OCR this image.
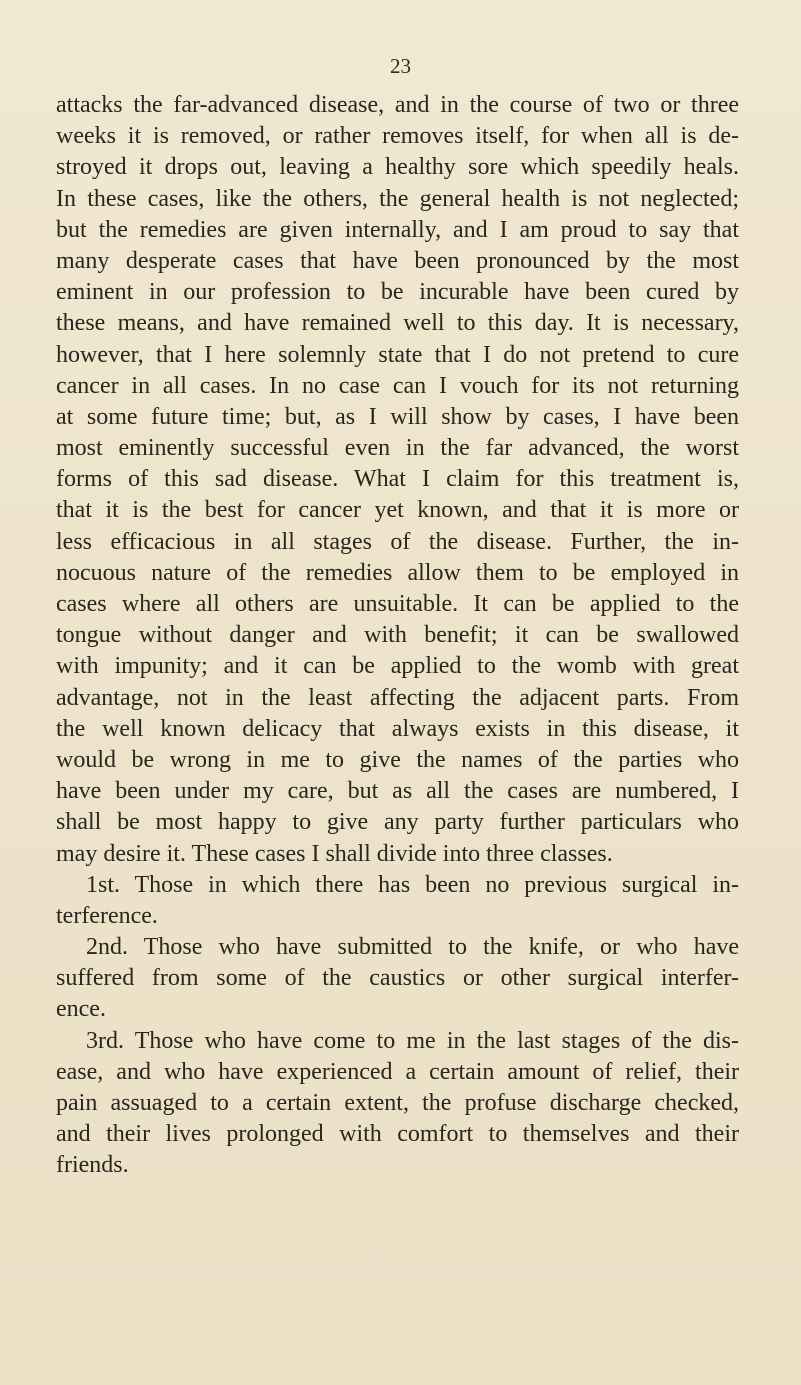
23
attacks the far-advanced disease, and in the course of two or three
weeks it is removed, or rather removes itself, for when all is de-
stroyed it drops out, leaving a healthy sore which speedily heals.
In these cases, like the others, the general health is not neglected;
but the remedies are given internally, and I am proud to say that
many desperate cases that have been pronounced by the most
eminent in our profession to be incurable have been cured by
these means, and have remained well to this day. It is necessary,
however, that I here solemnly state that I do not pretend to cure
cancer in all cases. In no case can I vouch for its not returning
at some future time; but, as I will show by cases, I have been
most eminently successful even in the far advanced, the worst
forms of this sad disease. What I claim for this treatment is,
that it is the best for cancer yet known, and that it is more or
less efficacious in all stages of the disease. Further, the in-
nocuous nature of the remedies allow them to be employed in
cases where all others are unsuitable. It can be applied to the
tongue without danger and with benefit; it can be swallowed
with impunity; and it can be applied to the womb with great
advantage, not in the least affecting the adjacent parts. From
the well known delicacy that always exists in this disease, it
would be wrong in me to give the names of the parties who
have been under my care, but as all the cases are numbered, I
shall be most happy to give any party further particulars who
may desire it. These cases I shall divide into three classes.
1st. Those in which there has been no previous surgical in-
terference.
2nd. Those who have submitted to the knife, or who have
suffered from some of the caustics or other surgical interfer-
ence.
3rd. Those who have come to me in the last stages of the dis-
ease, and who have experienced a certain amount of relief, their
pain assuaged to a certain extent, the profuse discharge checked,
and their lives prolonged with comfort to themselves and their
friends.
